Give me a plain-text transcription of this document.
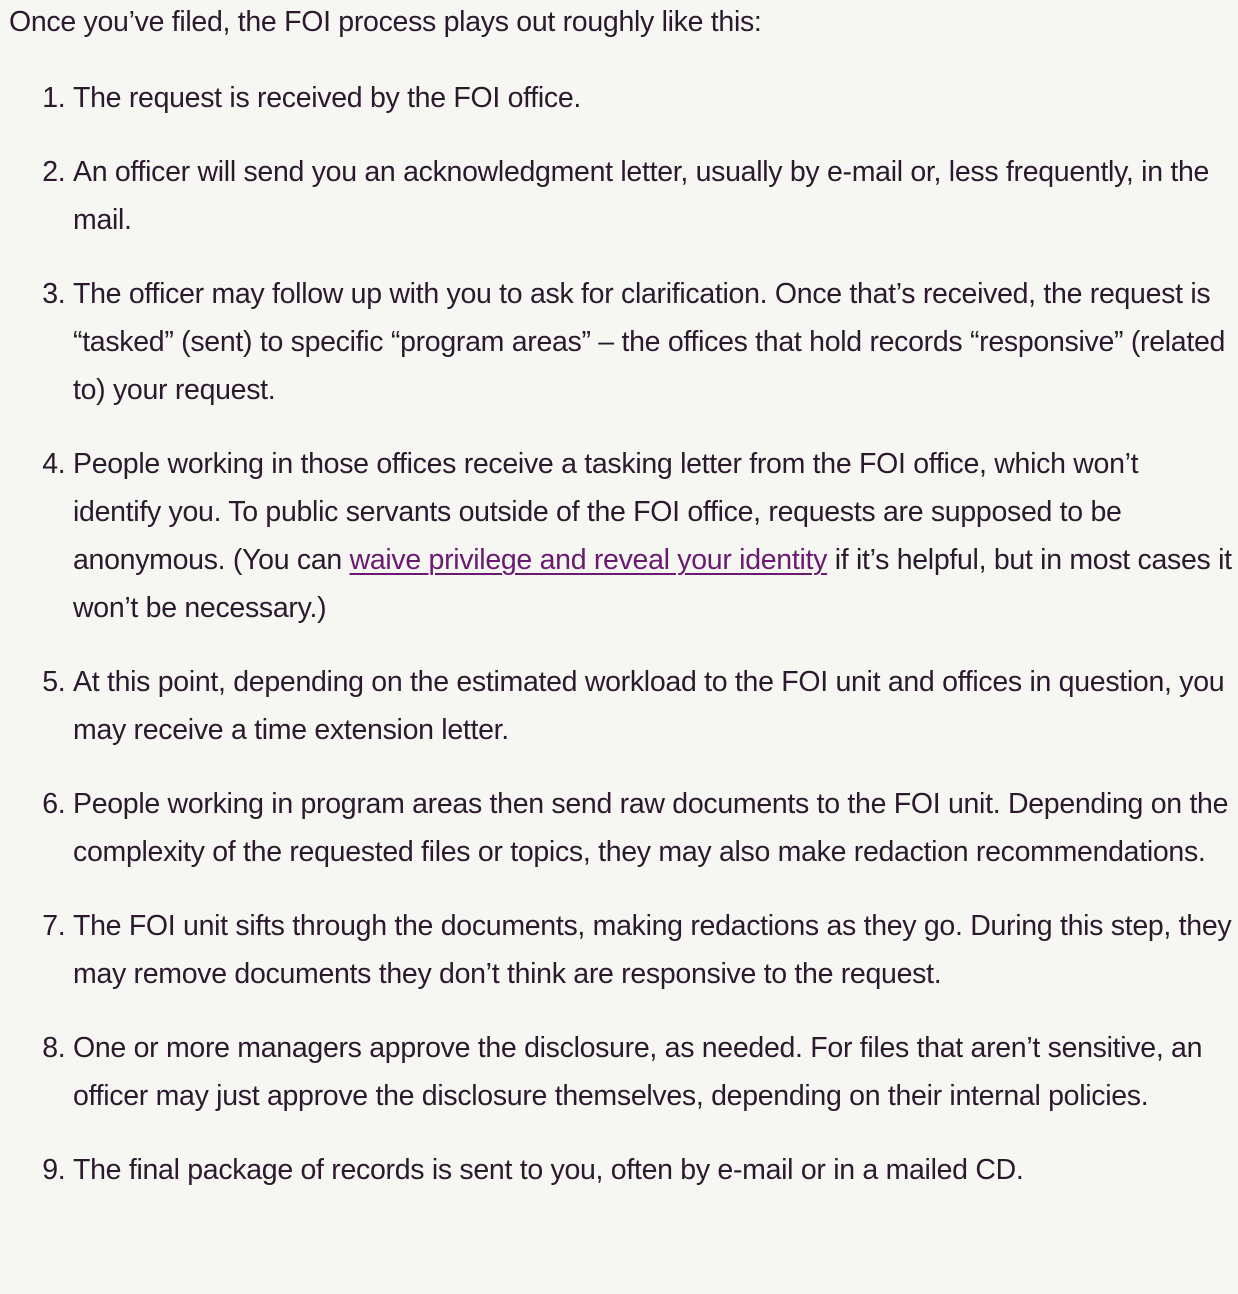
Once you’ve filed, the FOI process plays out roughly like this:

1. The request is received by the FOI office.
2. An officer will send you an acknowledgment letter, usually by e-mail or, less frequently, in the mail.
3. The officer may follow up with you to ask for clarification. Once that’s received, the request is “tasked” (sent) to specific “program areas” – the offices that hold records “responsive” (related to) your request.
4. People working in those offices receive a tasking letter from the FOI office, which won’t identify you. To public servants outside of the FOI office, requests are supposed to be anonymous. (You can waive privilege and reveal your identity if it’s helpful, but in most cases it won’t be necessary.)
5. At this point, depending on the estimated workload to the FOI unit and offices in question, you may receive a time extension letter.
6. People working in program areas then send raw documents to the FOI unit. Depending on the complexity of the requested files or topics, they may also make redaction recommendations.
7. The FOI unit sifts through the documents, making redactions as they go. During this step, they may remove documents they don’t think are responsive to the request.
8. One or more managers approve the disclosure, as needed. For files that aren’t sensitive, an officer may just approve the disclosure themselves, depending on their internal policies.
9. The final package of records is sent to you, often by e-mail or in a mailed CD.
